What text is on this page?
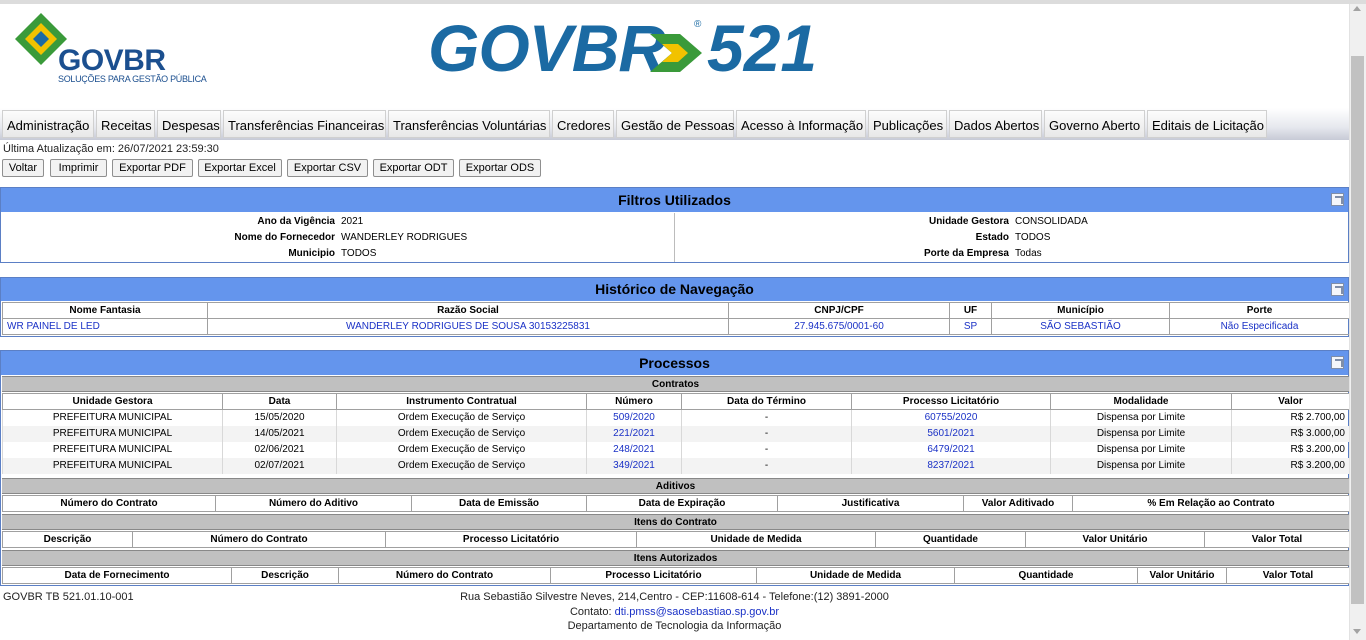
GOVBR
SOLUÇÕES PARA GESTÃO PÚBLICA	GOVBR	® 521
Administração Receitas Despesas Transferências Financeiras Transferências Voluntárias Credores Gestão de Pessoas Acesso à Informação Publicações Dados Abertos Governo Aberto Editais de Licitação
Última Atualização em: 26/07/2021 23:59:30
Voltar	Imprimir	Exportar PDF	Exportar Excel	Exportar CSV	Exportar ODT	Exportar ODS
Filtros Utilizados
Ano da Vigência 2021
Nome do Fornecedor WANDERLEY RODRIGUES
Municipio TODOS
Unidade Gestora CONSOLIDADA
Estado TODOS
Porte da Empresa Todas
Histórico de Navegação
Nome Fantasia	Razão Social	CNPJ/CPF	UF	Município	Porte
WR PAINEL DE LED	WANDERLEY RODRIGUES DE SOUSA 30153225831	27.945.675/0001-60	SP	SÃO SEBASTIÃO	Não Especificada
Processos
Contratos
Unidade Gestora	Data	Instrumento Contratual	Número	Data do Término	Processo Licitatório	Modalidade	Valor
PREFEITURA MUNICIPAL	15/05/2020	Ordem Execução de Serviço	509/2020	-	60755/2020	Dispensa por Limite	R$ 2.700,00
PREFEITURA MUNICIPAL	14/05/2021	Ordem Execução de Serviço	221/2021	-	5601/2021	Dispensa por Limite	R$ 3.000,00
PREFEITURA MUNICIPAL	02/06/2021	Ordem Execução de Serviço	248/2021	-	6479/2021	Dispensa por Limite	R$ 3.200,00
PREFEITURA MUNICIPAL	02/07/2021	Ordem Execução de Serviço	349/2021	-	8237/2021	Dispensa por Limite	R$ 3.200,00
Aditivos
Número do Contrato	Número do Aditivo	Data de Emissão	Data de Expiração	Justificativa	Valor Aditivado	% Em Relação ao Contrato
Itens do Contrato
Descrição	Número do Contrato	Processo Licitatório	Unidade de Medida	Quantidade	Valor Unitário	Valor Total
Itens Autorizados
Data de Fornecimento	Descrição	Número do Contrato	Processo Licitatório	Unidade de Medida	Quantidade	Valor Unitário	Valor Total
GOVBR TB 521.01.10-001	Rua Sebastião Silvestre Neves, 214,Centro - CEP:11608-614 - Telefone:(12) 3891-2000
Contato: dti.pmss@saosebastiao.sp.gov.br
Departamento de Tecnologia da Informação
